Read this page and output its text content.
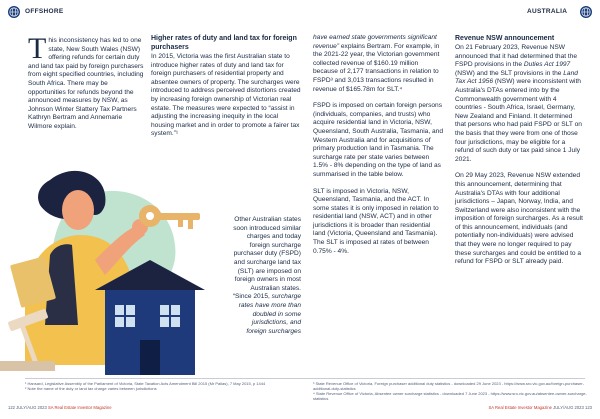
OFFSHORE	AUSTRALIA

This inconsistency has led to one state, New South Wales (NSW) offering refunds for certain duty and land tax paid by foreign purchasers from eight specified countries, including South Africa. There may be opportunities for refunds beyond the announced measures by NSW, as Johnson Winter Slattery Tax Partners Kathryn Bertram and Annemarie Wilmore explain.

Higher rates of duty and land tax for foreign purchasers

In 2015, Victoria was the first Australian state to introduce higher rates of duty and land tax for foreign purchasers of residential property and absentee owners of property. The surcharges were introduced to address perceived distortions created by increasing foreign ownership of Victorian real estate. The measures were expected to “assist in adjusting the increasing inequity in the local housing market and in order to promote a fairer tax system.”¹

Other Australian states soon introduced similar charges and today foreign surcharge purchaser duty (FSPD) and surcharge land tax (SLT) are imposed on foreign owners in most Australian states. “Since 2015, surcharge rates have more than doubled in some jurisdictions, and foreign surcharges

have earned state governments significant revenue” explains Bertram. For example, in the 2021-22 year, the Victorian government collected revenue of $160.19 million because of 2,177 transactions in relation to FSPD³ and 3,013 transactions resulted in revenue of $165.78m for SLT.⁴

FSPD is imposed on certain foreign persons (individuals, companies, and trusts) who acquire residential land in Victoria, NSW, Queensland, South Australia, Tasmania, and Western Australia and for acquisitions of primary production land in Tasmania. The surcharge rate per state varies between 1.5% - 8% depending on the type of land as summarised in the table below.

SLT is imposed in Victoria, NSW, Queensland, Tasmania, and the ACT. In some states it is only imposed in relation to residential land (NSW, ACT) and in other jurisdictions it is broader than residential land (Victoria, Queensland and Tasmania). The SLT is imposed at rates of between 0.75% - 4%.

Revenue NSW announcement

On 21 February 2023, Revenue NSW announced that it had determined that the FSPD provisions in the Duties Act 1997 (NSW) and the SLT provisions in the Land Tax Act 1956 (NSW) were inconsistent with Australia's DTAs entered into by the Commonwealth government with 4 countries - South Africa, Israel, Germany, New Zealand and Finland. It determined that persons who had paid FSPD or SLT on the basis that they were from one of those four jurisdictions, may be eligible for a refund of such duty or tax paid since 1 July 2021.

On 29 May 2023, Revenue NSW extended this announcement, determining that Australia's DTAs with four additional jurisdictions – Japan, Norway, India, and Switzerland were also inconsistent with the imposition of foreign surcharges. As a result of this announcement, individuals (and potentially non-individuals) were advised that they were no longer required to pay these surcharges and could be entitled to a refund for FSPD or SLT already paid.

¹ Hansard, Legislative Assembly of the Parliament of Victoria, State Taxation Acts Amendment Bill 2015 (Mr Pallas), 7 May 2015, p 1444
² Note the name of the duty or land tax charge varies between jurisdictions
³ State Revenue Office of Victoria, Foreign purchaser additional duty statistics - downloaded 29 June 2023 - https://www.sro.vic.gov.au/foreign-purchaser-additional-duty-statistics
⁴ State Revenue Office of Victoria, Absentee owner surcharge statistics - downloaded 7 June 2023 - https://www.sro.vic.gov.au/absentee-owner-surcharge-statistics
122 JULY/AUG 2023 SA Real Estate Investor Magazine	SA Real Estate Investor Magazine JULY/AUG 2023 123
